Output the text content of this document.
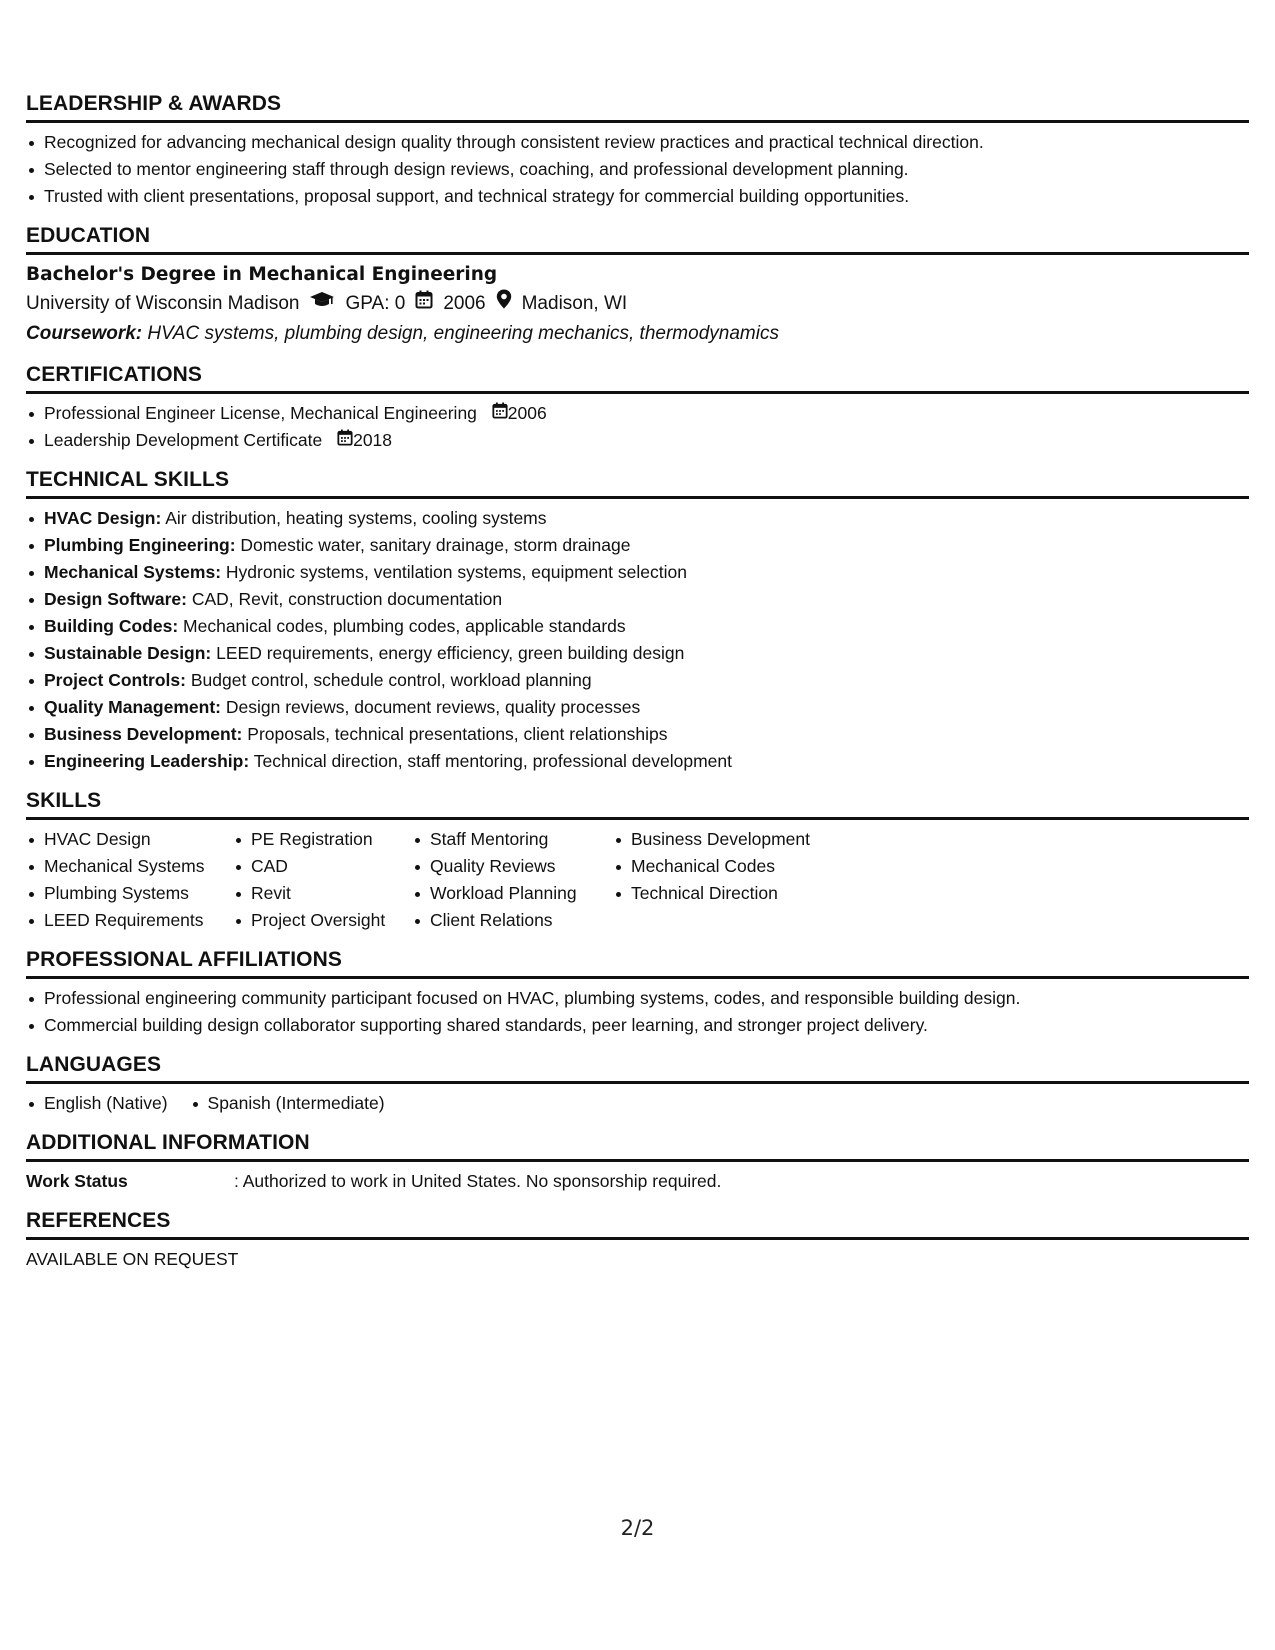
LEADERSHIP & AWARDS
Recognized for advancing mechanical design quality through consistent review practices and practical technical direction.
Selected to mentor engineering staff through design reviews, coaching, and professional development planning.
Trusted with client presentations, proposal support, and technical strategy for commercial building opportunities.
EDUCATION
Bachelor's Degree in Mechanical Engineering
University of Wisconsin Madison GPA: 0 2006 Madison, WI
Coursework: HVAC systems, plumbing design, engineering mechanics, thermodynamics
CERTIFICATIONS
Professional Engineer License, Mechanical Engineering 2006
Leadership Development Certificate 2018
TECHNICAL SKILLS
HVAC Design: Air distribution, heating systems, cooling systems
Plumbing Engineering: Domestic water, sanitary drainage, storm drainage
Mechanical Systems: Hydronic systems, ventilation systems, equipment selection
Design Software: CAD, Revit, construction documentation
Building Codes: Mechanical codes, plumbing codes, applicable standards
Sustainable Design: LEED requirements, energy efficiency, green building design
Project Controls: Budget control, schedule control, workload planning
Quality Management: Design reviews, document reviews, quality processes
Business Development: Proposals, technical presentations, client relationships
Engineering Leadership: Technical direction, staff mentoring, professional development
SKILLS
HVAC Design
Mechanical Systems
Plumbing Systems
LEED Requirements
PE Registration
CAD
Revit
Project Oversight
Staff Mentoring
Quality Reviews
Workload Planning
Client Relations
Business Development
Mechanical Codes
Technical Direction
PROFESSIONAL AFFILIATIONS
Professional engineering community participant focused on HVAC, plumbing systems, codes, and responsible building design.
Commercial building design collaborator supporting shared standards, peer learning, and stronger project delivery.
LANGUAGES
English (Native)	Spanish (Intermediate)
ADDITIONAL INFORMATION
Work Status	: Authorized to work in United States. No sponsorship required.
REFERENCES
AVAILABLE ON REQUEST
2/2
